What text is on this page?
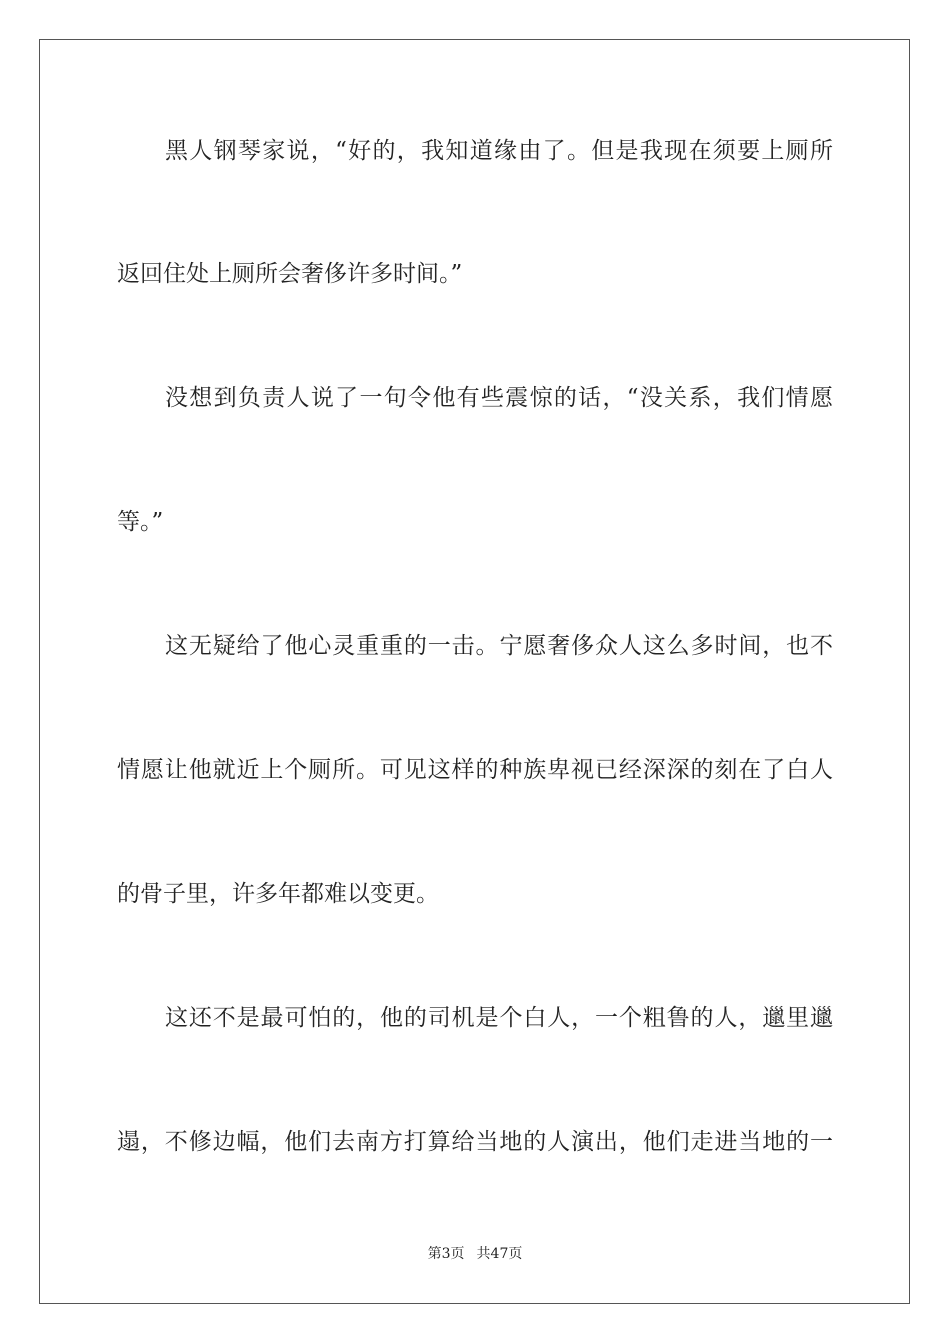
黑人钢琴家说，“好的，我知道缘由了。但是我现在须要上厕所
返回住处上厕所会奢侈许多时间。”
没想到负责人说了一句令他有些震惊的话，“没关系，我们情愿
等。”
这无疑给了他心灵重重的一击。宁愿奢侈众人这么多时间，也不
情愿让他就近上个厕所。可见这样的种族卑视已经深深的刻在了白人
的骨子里，许多年都难以变更。
这还不是最可怕的，他的司机是个白人，一个粗鲁的人，邋里邋
遢，不修边幅，他们去南方打算给当地的人演出，他们走进当地的一
第3页 共47页
